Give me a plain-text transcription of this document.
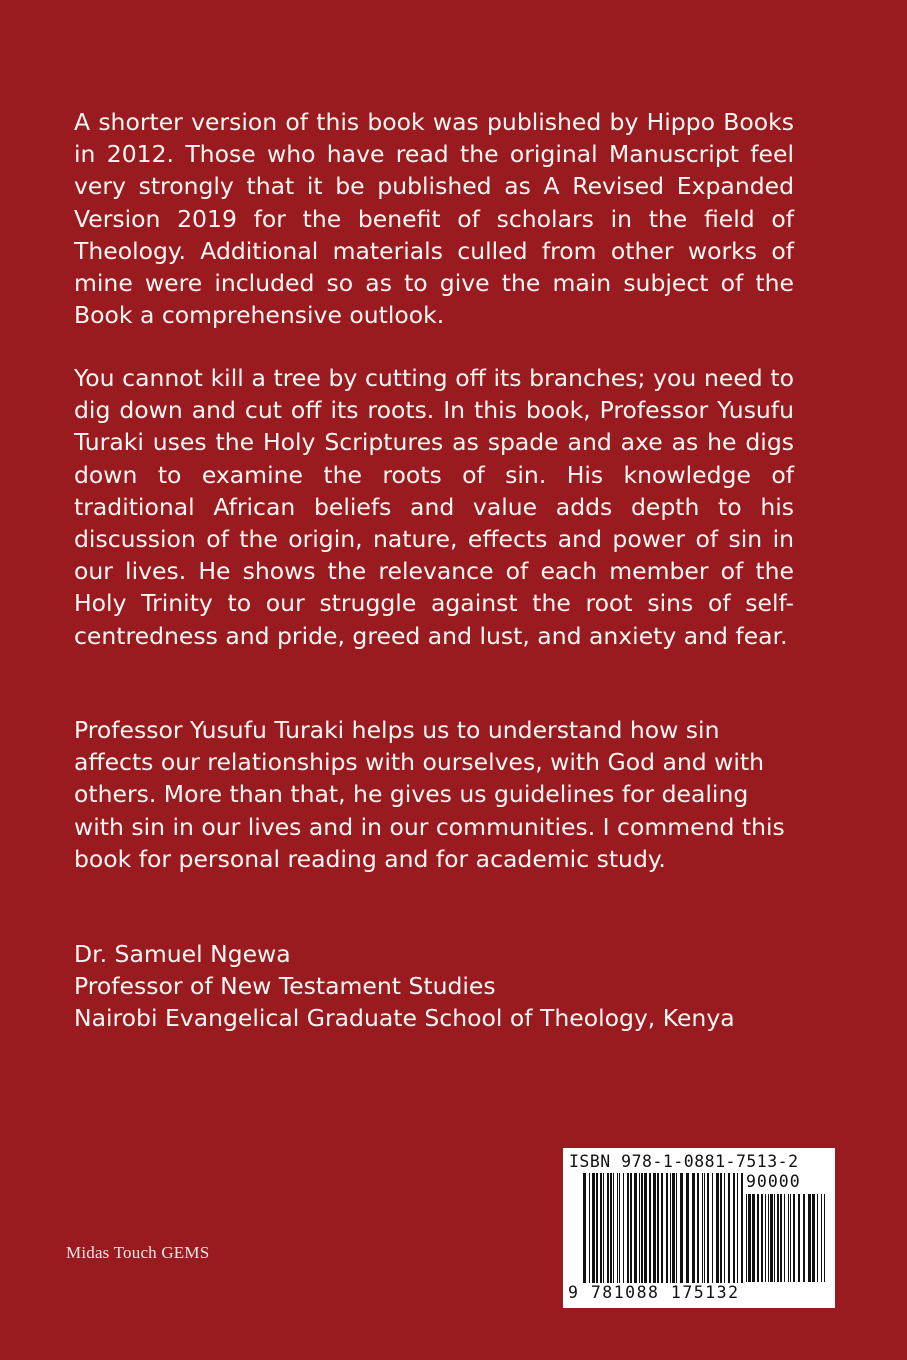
A shorter version of this book was published by Hippo Books in 2012. Those who have read the original Manuscript feel very strongly that it be published as A Revised Expanded Version 2019 for the benefit of scholars in the field of Theology. Additional materials culled from other works of mine were included so as to give the main subject of the Book a comprehensive outlook.

You cannot kill a tree by cutting off its branches; you need to dig down and cut off its roots. In this book, Professor Yusufu Turaki uses the Holy Scriptures as spade and axe as he digs down to examine the roots of sin. His knowledge of traditional African beliefs and value adds depth to his discussion of the origin, nature, effects and power of sin in our lives. He shows the relevance of each member of the Holy Trinity to our struggle against the root sins of self-centredness and pride, greed and lust, and anxiety and fear.

Professor Yusufu Turaki helps us to understand how sin affects our relationships with ourselves, with God and with others. More than that, he gives us guidelines for dealing with sin in our lives and in our communities. I commend this book for personal reading and for academic study.

Dr. Samuel Ngewa
Professor of New Testament Studies
Nairobi Evangelical Graduate School of Theology, Kenya
Midas Touch GEMS
ISBN 978-1-0881-7513-2
90000
9 781088 175132
